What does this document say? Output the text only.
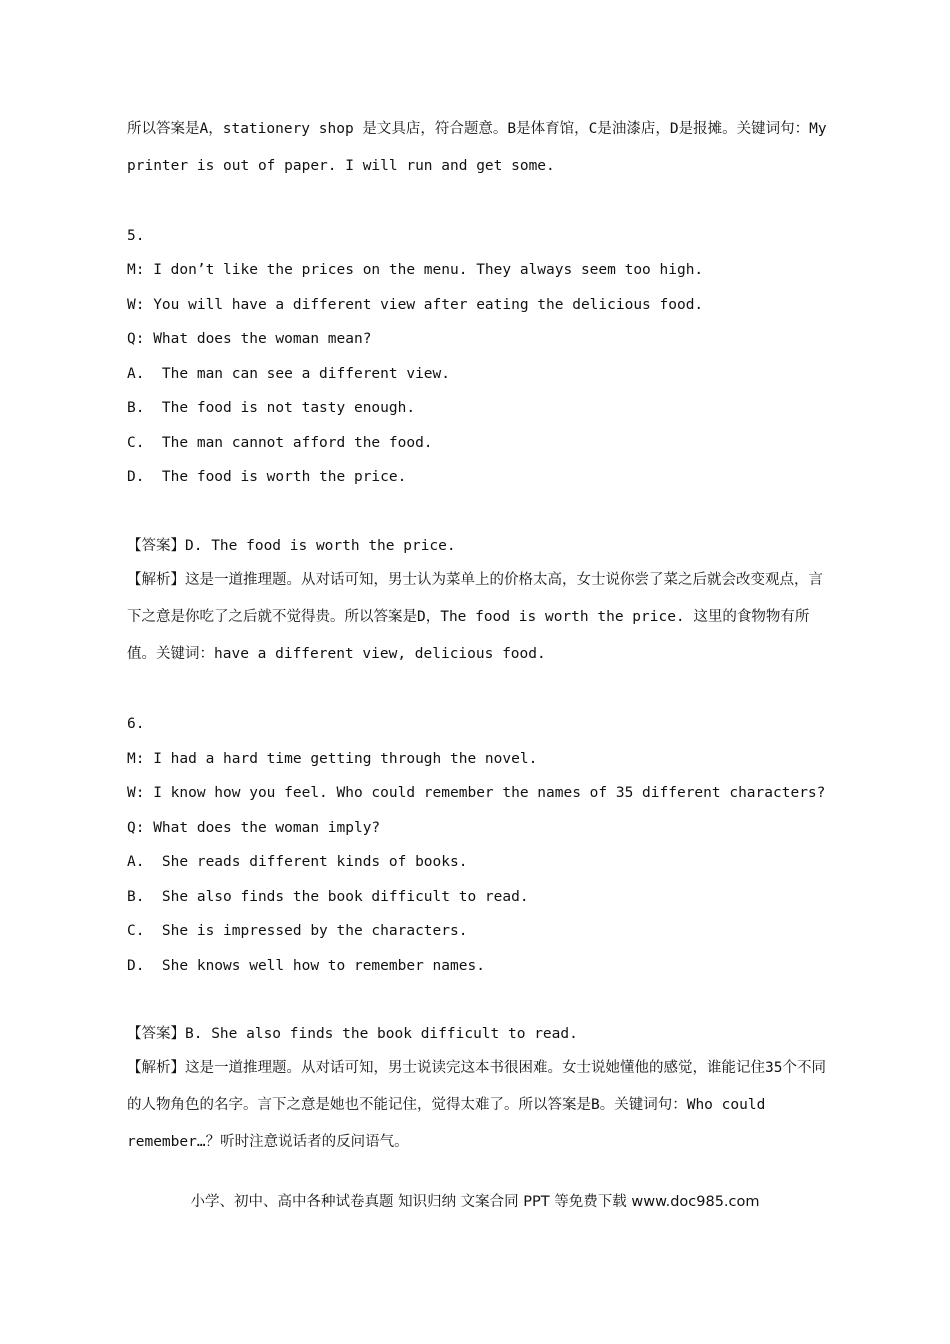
所以答案是A，stationery shop 是文具店，符合题意。B是体育馆，C是油漆店，D是报摊。关键词句：My printer is out of paper. I will run and get some.
5.
M: I don’t like the prices on the menu. They always seem too high.
W: You will have a different view after eating the delicious food.
Q: What does the woman mean?
A.  The man can see a different view.
B.  The food is not tasty enough.
C.  The man cannot afford the food.
D.  The food is worth the price.
【答案】D. The food is worth the price.
【解析】这是一道推理题。从对话可知，男士认为菜单上的价格太高，女士说你尝了菜之后就会改变观点，言下之意是你吃了之后就不觉得贵。所以答案是D，The food is worth the price. 这里的食物物有所值。关键词：have a different view, delicious food.
6.
M: I had a hard time getting through the novel.
W: I know how you feel. Who could remember the names of 35 different characters?
Q: What does the woman imply?
A.  She reads different kinds of books.
B.  She also finds the book difficult to read.
C.  She is impressed by the characters.
D.  She knows well how to remember names.
【答案】B. She also finds the book difficult to read.
【解析】这是一道推理题。从对话可知，男士说读完这本书很困难。女士说她懂他的感觉，谁能记住35个不同的人物角色的名字。言下之意是她也不能记住，觉得太难了。所以答案是B。关键词句：Who could remember…？听时注意说话者的反问语气。
小学、初中、高中各种试卷真题 知识归纳 文案合同 PPT 等免费下载 www.doc985.com
